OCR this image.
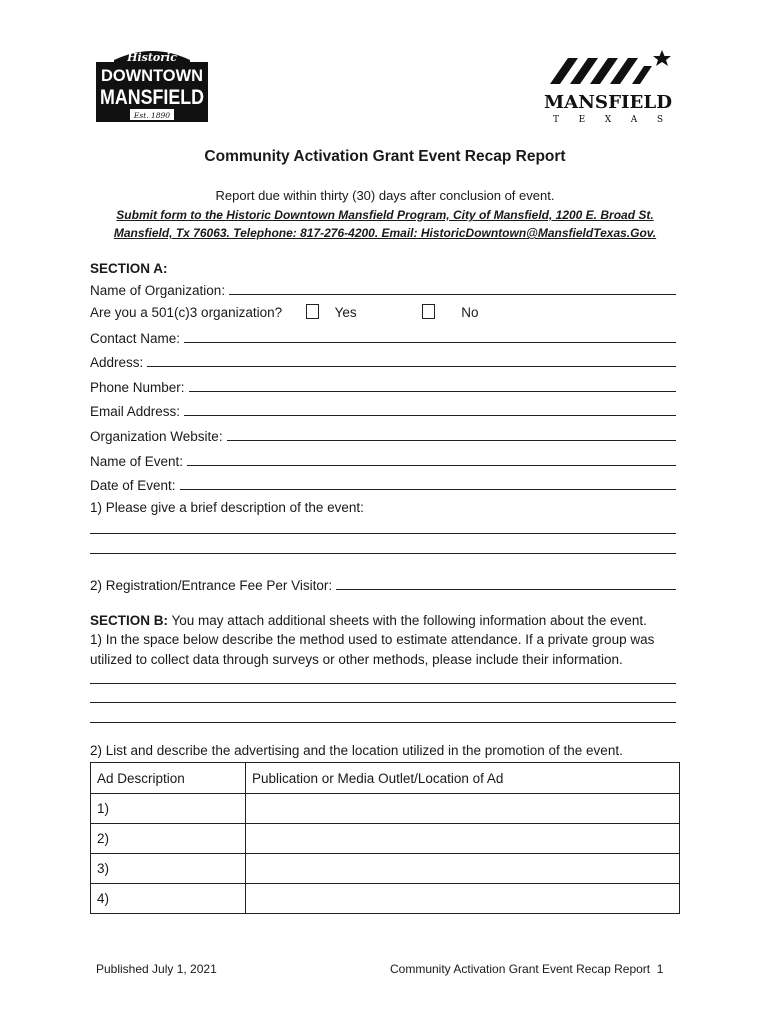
Historic
DOWNTOWN
MANSFIELD
Est. 1890
MANSFIELD
T E X A S
Community Activation Grant Event Recap Report
Report due within thirty (30) days after conclusion of event.
Submit form to the Historic Downtown Mansfield Program, City of Mansfield, 1200 E. Broad St.
Mansfield, Tx 76063. Telephone: 817-276-4200. Email: HistoricDowntown@MansfieldTexas.Gov.
SECTION A:
Name of Organization:
Are you a 501(c)3 organization?	Yes	No
Contact Name:
Address:
Phone Number:
Email Address:
Organization Website:
Name of Event:
Date of Event:
1) Please give a brief description of the event:
2) Registration/Entrance Fee Per Visitor:
SECTION B: You may attach additional sheets with the following information about the event.
1) In the space below describe the method used to estimate attendance. If a private group was utilized to collect data through surveys or other methods, please include their information.
2) List and describe the advertising and the location utilized in the promotion of the event.
Ad Description	Publication or Media Outlet/Location of Ad
1)	
2)	
3)	
4)	
Published July 1, 2021	Community Activation Grant Event Recap Report 1
